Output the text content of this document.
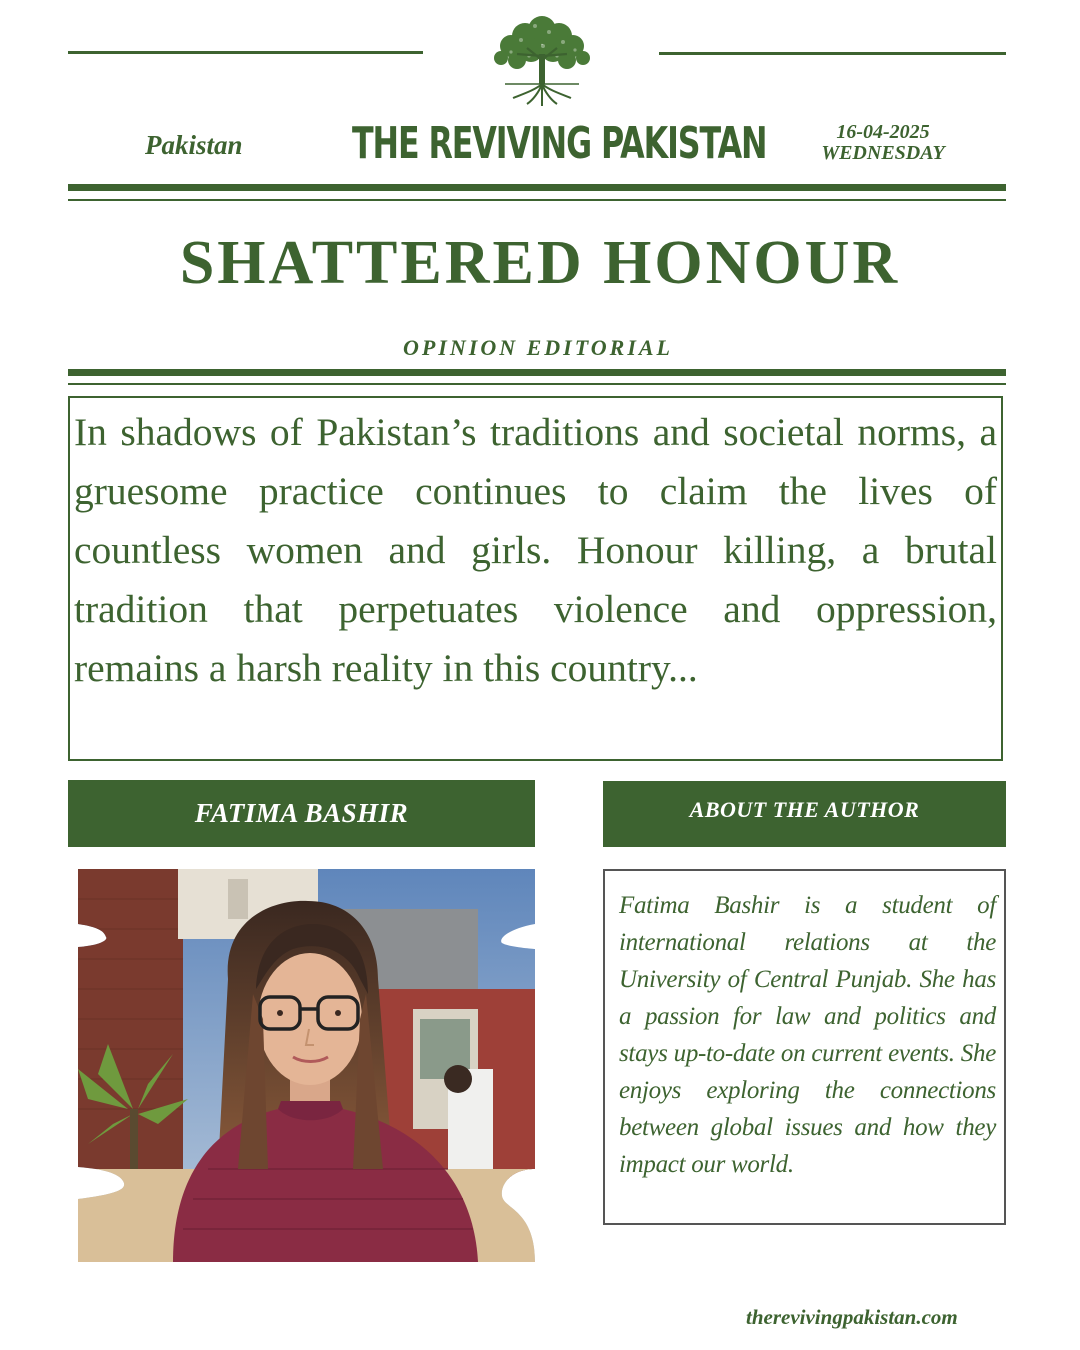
Pakistan THE REVIVING PAKISTAN	16-04-2025
WEDNESDAY
SHATTERED HONOUR
OPINION EDITORIAL

In shadows of Pakistan’s traditions and societal norms, a gruesome practice continues to claim the lives of countless women and girls. Honour killing, a brutal tradition that perpetuates violence and oppression, remains a harsh reality in this country...

FATIMA BASHIR	ABOUT THE AUTHOR

Fatima Bashir is a student of international relations at the University of Central Punjab. She has a passion for law and politics and stays up-to-date on current events. She enjoys exploring the connections between global issues and how they impact our world.

therevivingpakistan.com
